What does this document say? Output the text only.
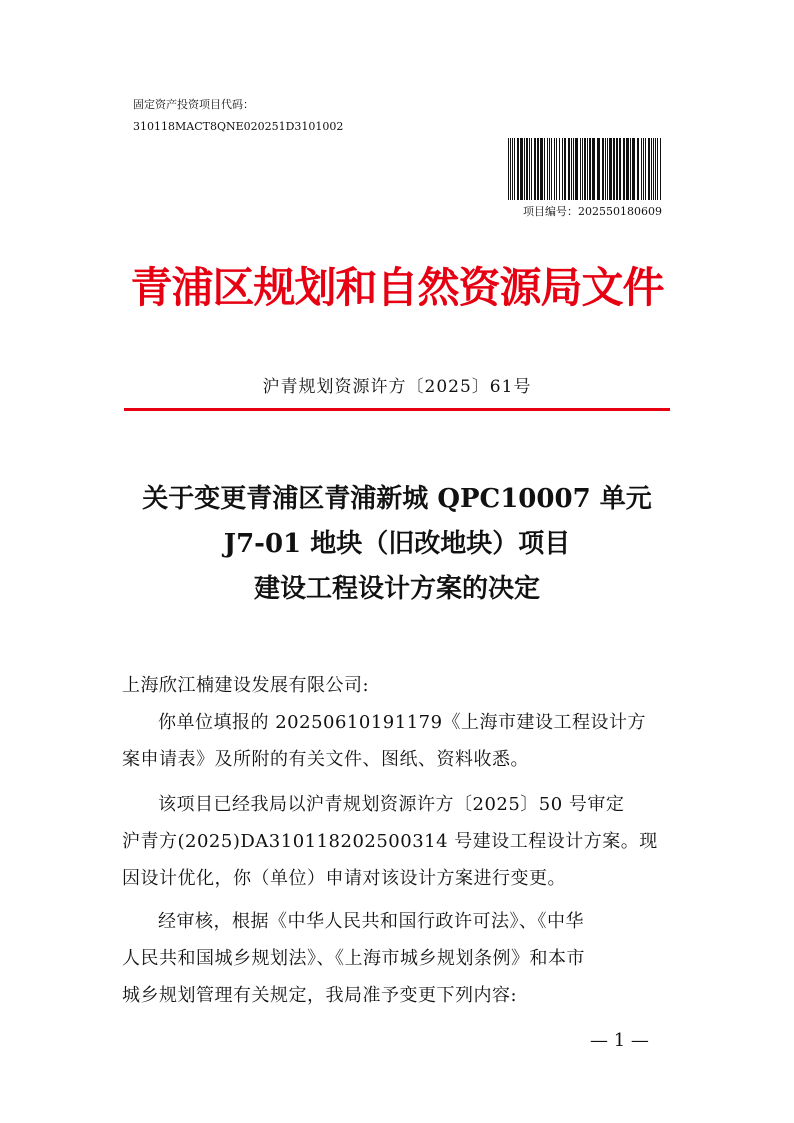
固定资产投资项目代码：
310118MACT8QNE020251D3101002
项目编号：202550180609
青浦区规划和自然资源局文件
沪青规划资源许方〔2025〕61号
关于变更青浦区青浦新城 QPC10007 单元
J7-01 地块（旧改地块）项目
建设工程设计方案的决定
上海欣江楠建设发展有限公司:
你单位填报的 20250610191179《上海市建设工程设计方
案申请表》及所附的有关文件、图纸、资料收悉。
该项目已经我局以沪青规划资源许方〔2025〕50 号审定
沪青方(2025)DA310118202500314 号建设工程设计方案。现
因设计优化，你（单位）申请对该设计方案进行变更。
经审核，根据《中华人民共和国行政许可法》、《中华
人民共和国城乡规划法》、《上海市城乡规划条例》和本市
城乡规划管理有关规定，我局准予变更下列内容:
— 1 —
